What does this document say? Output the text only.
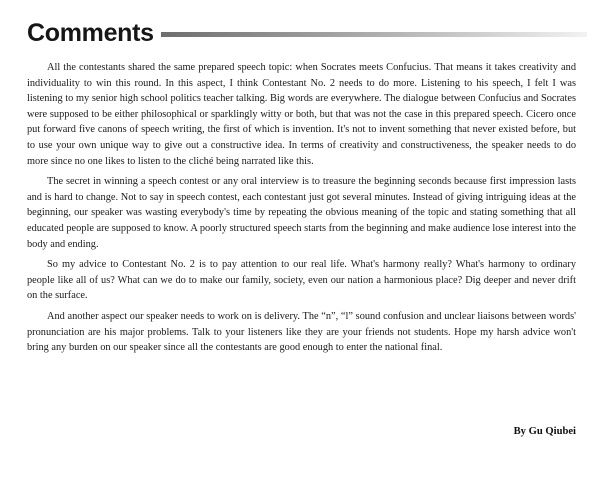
Comments

All the contestants shared the same prepared speech topic: when Socrates meets Confucius. That means it takes creativity and individuality to win this round. In this aspect, I think Contestant No. 2 needs to do more. Listening to his speech, I felt I was listening to my senior high school politics teacher talking. Big words are everywhere. The dialogue between Confucius and Socrates were supposed to be either philosophical or sparklingly witty or both, but that was not the case in this prepared speech. Cicero once put forward five canons of speech writing, the first of which is invention. It's not to invent something that never existed before, but to use your own unique way to give out a constructive idea. In terms of creativity and constructiveness, the speaker needs to do more since no one likes to listen to the cliché being narrated like this.

The secret in winning a speech contest or any oral interview is to treasure the beginning seconds because first impression lasts and is hard to change. Not to say in speech contest, each contestant just got several minutes. Instead of giving intriguing ideas at the beginning, our speaker was wasting everybody's time by repeating the obvious meaning of the topic and stating something that all educated people are supposed to know. A poorly structured speech starts from the beginning and make audience lose interest into the body and ending.

So my advice to Contestant No. 2 is to pay attention to our real life. What's harmony really? What's harmony to ordinary people like all of us? What can we do to make our family, society, even our nation a harmonious place? Dig deeper and never drift on the surface.

And another aspect our speaker needs to work on is delivery. The “n”, “l” sound confusion and unclear liaisons between words' pronunciation are his major problems. Talk to your listeners like they are your friends not students. Hope my harsh advice won't bring any burden on our speaker since all the contestants are good enough to enter the national final.

By Gu Qiubei
